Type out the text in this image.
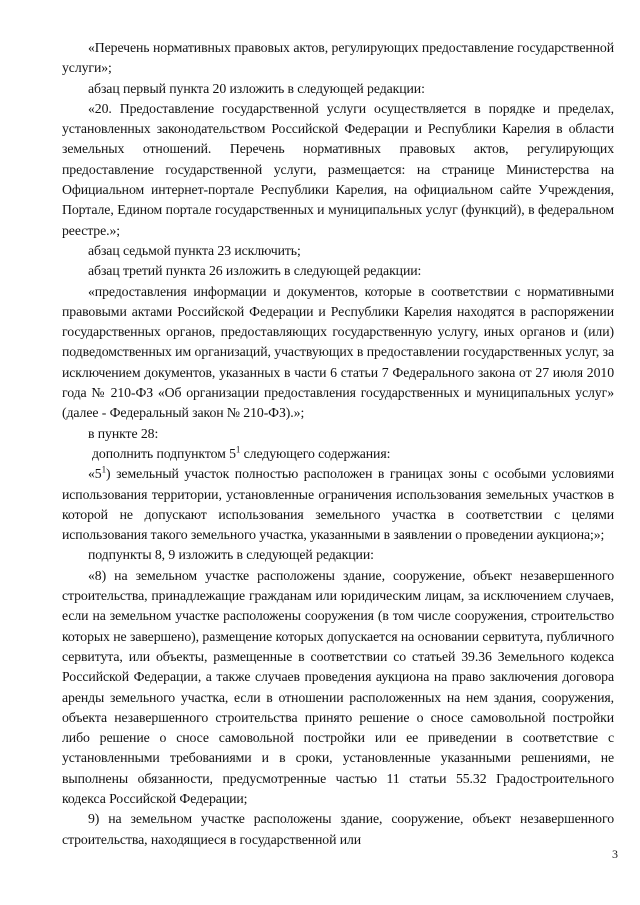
«Перечень нормативных правовых актов, регулирующих предоставление государственной услуги»;

абзац первый пункта 20 изложить в следующей редакции:

«20. Предоставление государственной услуги осуществляется в порядке и пределах, установленных законодательством Российской Федерации и Республики Карелия в области земельных отношений. Перечень нормативных правовых актов, регулирующих предоставление государственной услуги, размещается: на странице Министерства на Официальном интернет-портале Республики Карелия, на официальном сайте Учреждения, Портале, Едином портале государственных и муниципальных услуг (функций), в федеральном реестре.»;

абзац седьмой пункта 23 исключить;

абзац третий пункта 26 изложить в следующей редакции:

«предоставления информации и документов, которые в соответствии с нормативными правовыми актами Российской Федерации и Республики Карелия находятся в распоряжении государственных органов, предоставляющих государственную услугу, иных органов и (или) подведомственных им организаций, участвующих в предоставлении государственных услуг, за исключением документов, указанных в части 6 статьи 7 Федерального закона от 27 июля 2010 года № 210-ФЗ «Об организации предоставления государственных и муниципальных услуг» (далее - Федеральный закон № 210-ФЗ).»;

в пункте 28:

дополнить подпунктом $5^1$ следующего содержания:

«$5^1$) земельный участок полностью расположен в границах зоны с особыми условиями использования территории, установленные ограничения использования земельных участков в которой не допускают использования земельного участка в соответствии с целями использования такого земельного участка, указанными в заявлении о проведении аукциона;»;

подпункты 8, 9 изложить в следующей редакции:

«8) на земельном участке расположены здание, сооружение, объект незавершенного строительства, принадлежащие гражданам или юридическим лицам, за исключением случаев, если на земельном участке расположены сооружения (в том числе сооружения, строительство которых не завершено), размещение которых допускается на основании сервитута, публичного сервитута, или объекты, размещенные в соответствии со статьей 39.36 Земельного кодекса Российской Федерации, а также случаев проведения аукциона на право заключения договора аренды земельного участка, если в отношении расположенных на нем здания, сооружения, объекта незавершенного строительства принято решение о сносе самовольной постройки либо решение о сносе самовольной постройки или ее приведении в соответствие с установленными требованиями и в сроки, установленные указанными решениями, не выполнены обязанности, предусмотренные частью 11 статьи 55.32 Градостроительного кодекса Российской Федерации;

9) на земельном участке расположены здание, сооружение, объект незавершенного строительства, находящиеся в государственной или

3
